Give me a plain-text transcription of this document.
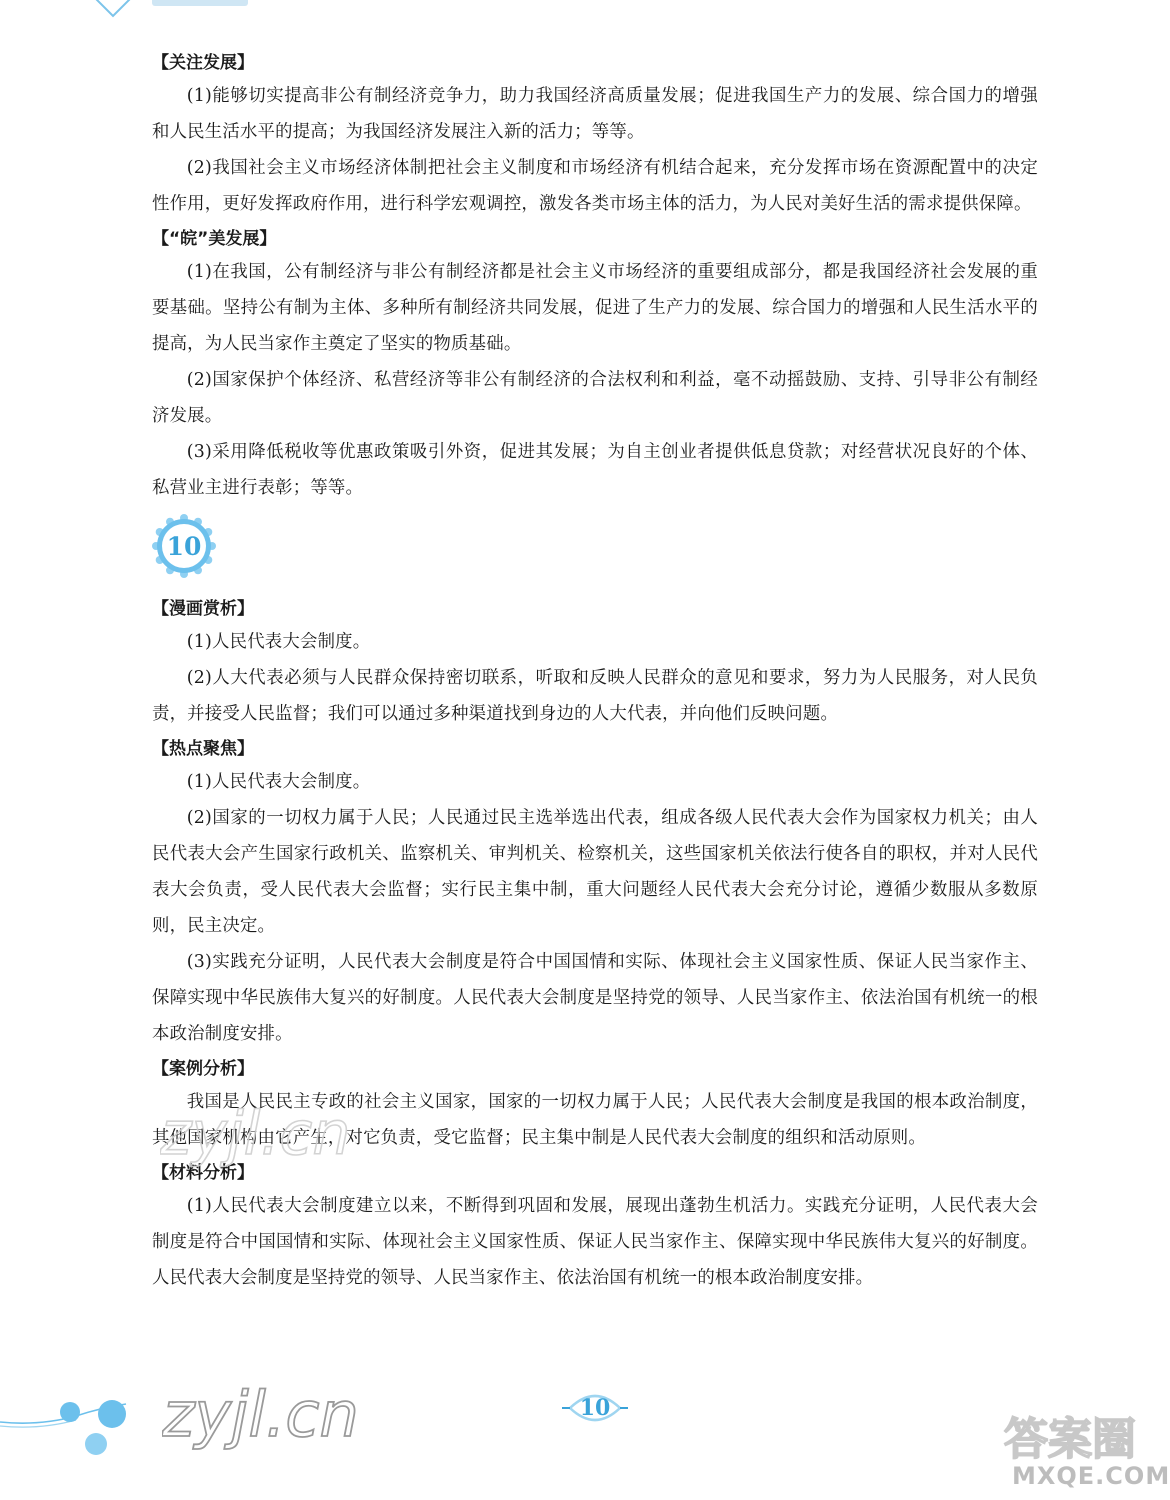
【关注发展】

(1)能够切实提高非公有制经济竞争力，助力我国经济高质量发展；促进我国生产力的发展、综合国力的增强和人民生活水平的提高；为我国经济发展注入新的活力；等等。

(2)我国社会主义市场经济体制把社会主义制度和市场经济有机结合起来，充分发挥市场在资源配置中的决定性作用，更好发挥政府作用，进行科学宏观调控，激发各类市场主体的活力，为人民对美好生活的需求提供保障。

【“皖”美发展】

(1)在我国，公有制经济与非公有制经济都是社会主义市场经济的重要组成部分，都是我国经济社会发展的重要基础。坚持公有制为主体、多种所有制经济共同发展，促进了生产力的发展、综合国力的增强和人民生活水平的提高，为人民当家作主奠定了坚实的物质基础。

(2)国家保护个体经济、私营经济等非公有制经济的合法权利和利益，毫不动摇鼓励、支持、引导非公有制经济发展。

(3)采用降低税收等优惠政策吸引外资，促进其发展；为自主创业者提供低息贷款；对经营状况良好的个体、私营业主进行表彰；等等。

10
【漫画赏析】

(1)人民代表大会制度。

(2)人大代表必须与人民群众保持密切联系，听取和反映人民群众的意见和要求，努力为人民服务，对人民负责，并接受人民监督；我们可以通过多种渠道找到身边的人大代表，并向他们反映问题。

【热点聚焦】

(1)人民代表大会制度。

(2)国家的一切权力属于人民；人民通过民主选举选出代表，组成各级人民代表大会作为国家权力机关；由人民代表大会产生国家行政机关、监察机关、审判机关、检察机关，这些国家机关依法行使各自的职权，并对人民代表大会负责，受人民代表大会监督；实行民主集中制，重大问题经人民代表大会充分讨论，遵循少数服从多数原则，民主决定。

(3)实践充分证明，人民代表大会制度是符合中国国情和实际、体现社会主义国家性质、保证人民当家作主、保障实现中华民族伟大复兴的好制度。人民代表大会制度是坚持党的领导、人民当家作主、依法治国有机统一的根本政治制度安排。

【案例分析】

我国是人民民主专政的社会主义国家，国家的一切权力属于人民；人民代表大会制度是我国的根本政治制度，其他国家机构由它产生，对它负责，受它监督；民主集中制是人民代表大会制度的组织和活动原则。

【材料分析】

(1)人民代表大会制度建立以来，不断得到巩固和发展，展现出蓬勃生机活力。实践充分证明，人民代表大会制度是符合中国国情和实际、体现社会主义国家性质、保证人民当家作主、保障实现中华民族伟大复兴的好制度。人民代表大会制度是坚持党的领导、人民当家作主、依法治国有机统一的根本政治制度安排。

zyjl.cn
zyjl.cn	10
答案圈
MXQE.COM
